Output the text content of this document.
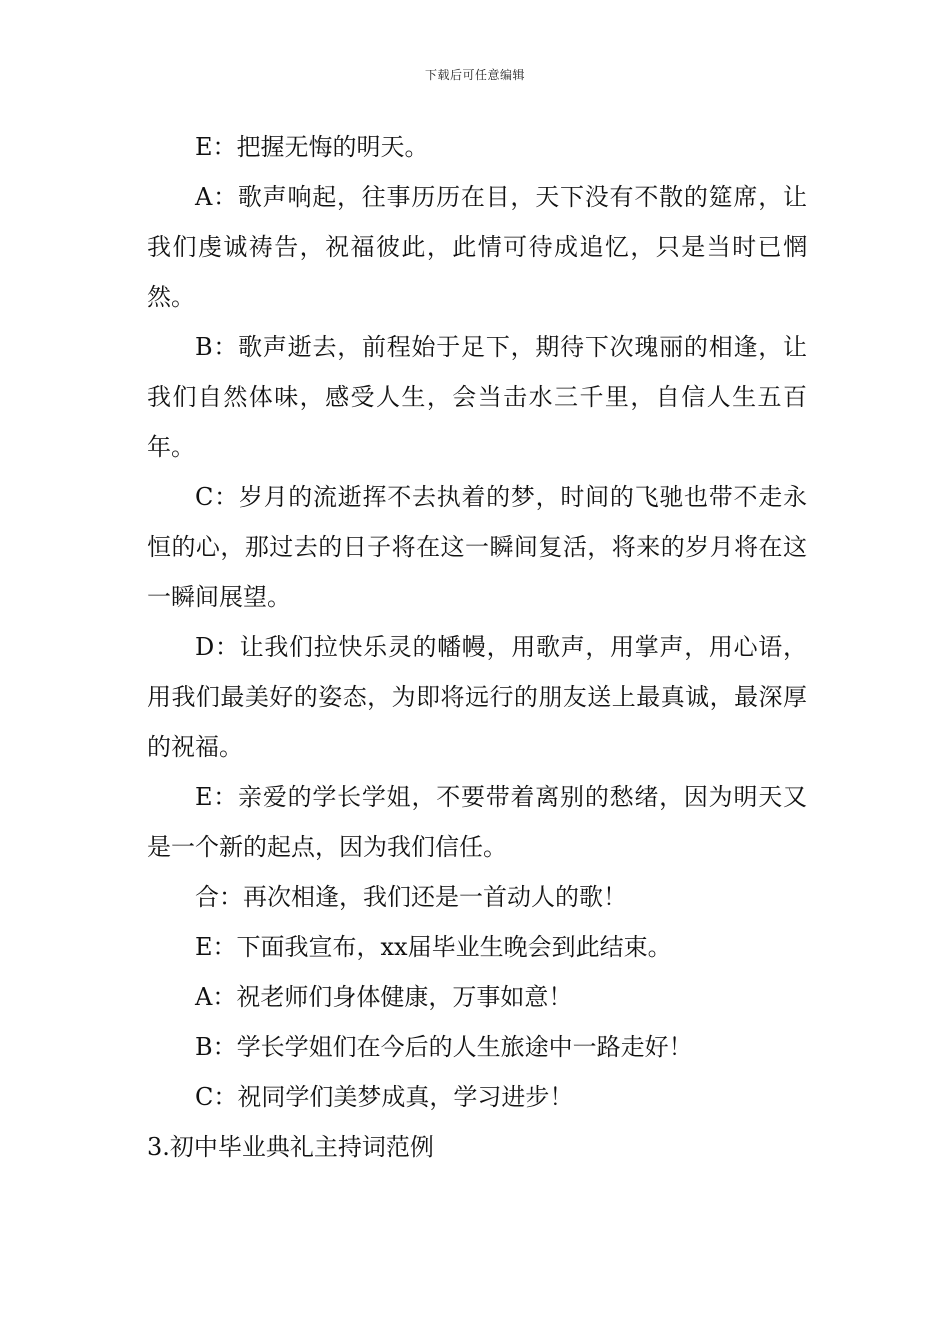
下载后可任意编辑

E：把握无悔的明天。

A：歌声响起，往事历历在目，天下没有不散的筵席，让我们虔诚祷告，祝福彼此，此情可待成追忆，只是当时已惘然。

B：歌声逝去，前程始于足下，期待下次瑰丽的相逢，让我们自然体味，感受人生，会当击水三千里，自信人生五百年。

C：岁月的流逝挥不去执着的梦，时间的飞驰也带不走永恒的心，那过去的日子将在这一瞬间复活，将来的岁月将在这一瞬间展望。

D：让我们拉快乐灵的幡幔，用歌声，用掌声，用心语，用我们最美好的姿态，为即将远行的朋友送上最真诚，最深厚的祝福。

E：亲爱的学长学姐，不要带着离别的愁绪，因为明天又是一个新的起点，因为我们信任。

合：再次相逢，我们还是一首动人的歌！

E：下面我宣布，xx届毕业生晚会到此结束。

A：祝老师们身体健康，万事如意！

B：学长学姐们在今后的人生旅途中一路走好！

C：祝同学们美梦成真，学习进步！

3.初中毕业典礼主持词范例
